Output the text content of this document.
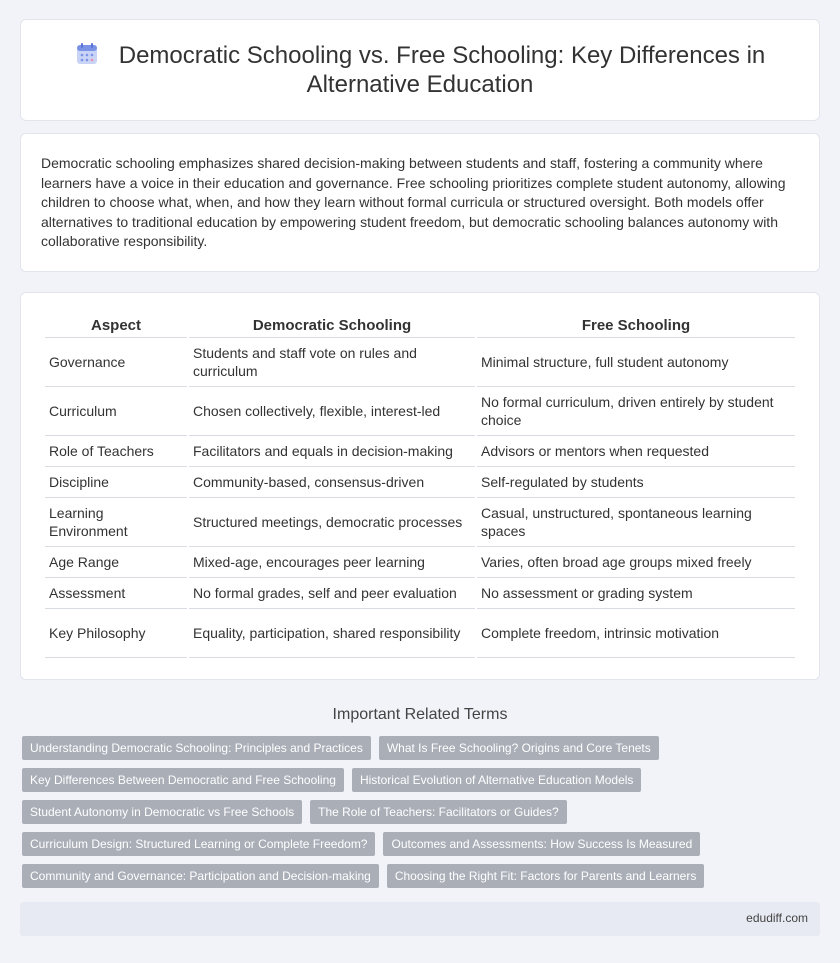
Democratic Schooling vs. Free Schooling: Key Differences in Alternative Education

Democratic schooling emphasizes shared decision-making between students and staff, fostering a community where learners have a voice in their education and governance. Free schooling prioritizes complete student autonomy, allowing children to choose what, when, and how they learn without formal curricula or structured oversight. Both models offer alternatives to traditional education by empowering student freedom, but democratic schooling balances autonomy with collaborative responsibility.

Aspect	Democratic Schooling	Free Schooling
Governance	Students and staff vote on rules and curriculum	Minimal structure, full student autonomy
Curriculum	Chosen collectively, flexible, interest-led	No formal curriculum, driven entirely by student choice
Role of Teachers	Facilitators and equals in decision-making	Advisors or mentors when requested
Discipline	Community-based, consensus-driven	Self-regulated by students
Learning Environment	Structured meetings, democratic processes	Casual, unstructured, spontaneous learning spaces
Age Range	Mixed-age, encourages peer learning	Varies, often broad age groups mixed freely
Assessment	No formal grades, self and peer evaluation	No assessment or grading system
Key Philosophy	Equality, participation, shared responsibility	Complete freedom, intrinsic motivation
Important Related Terms
Understanding Democratic Schooling: Principles and Practices	What Is Free Schooling? Origins and Core Tenets
Key Differences Between Democratic and Free Schooling	Historical Evolution of Alternative Education Models
Student Autonomy in Democratic vs Free Schools	The Role of Teachers: Facilitators or Guides?
Curriculum Design: Structured Learning or Complete Freedom?	Outcomes and Assessments: How Success Is Measured
Community and Governance: Participation and Decision-making	Choosing the Right Fit: Factors for Parents and Learners
edudiff.com
